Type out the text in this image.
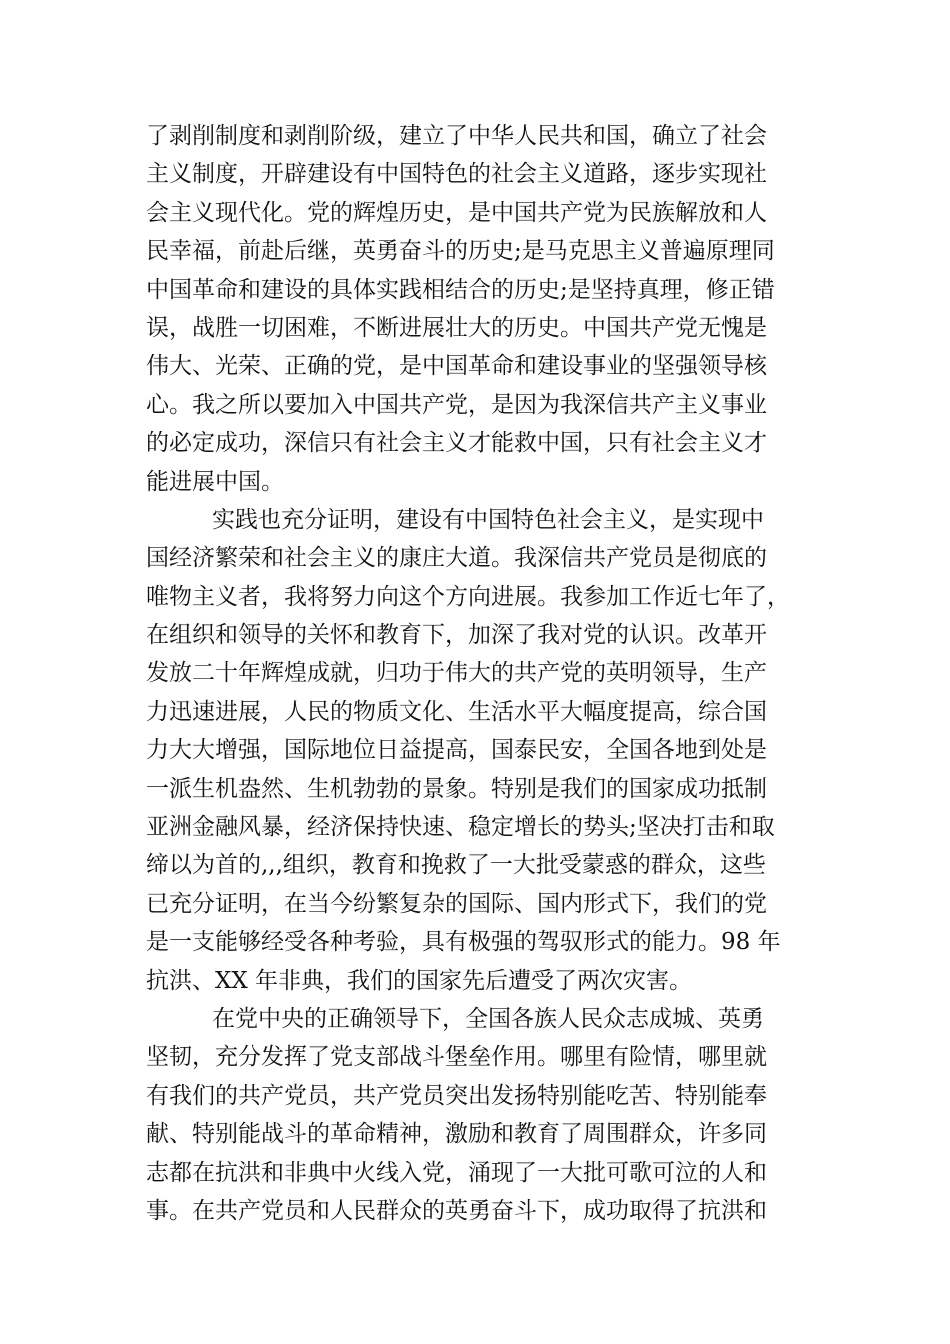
了剥削制度和剥削阶级，建立了中华人民共和国，确立了社会
主义制度，开辟建设有中国特色的社会主义道路，逐步实现社
会主义现代化。党的辉煌历史，是中国共产党为民族解放和人
民幸福，前赴后继，英勇奋斗的历史;是马克思主义普遍原理同
中国革命和建设的具体实践相结合的历史;是坚持真理，修正错
误，战胜一切困难，不断进展壮大的历史。中国共产党无愧是
伟大、光荣、正确的党，是中国革命和建设事业的坚强领导核
心。我之所以要加入中国共产党，是因为我深信共产主义事业
的必定成功，深信只有社会主义才能救中国，只有社会主义才
能进展中国。
实践也充分证明，建设有中国特色社会主义，是实现中
国经济繁荣和社会主义的康庄大道。我深信共产党员是彻底的
唯物主义者，我将努力向这个方向进展。我参加工作近七年了，
在组织和领导的关怀和教育下，加深了我对党的认识。改革开
发放二十年辉煌成就，归功于伟大的共产党的英明领导，生产
力迅速进展，人民的物质文化、生活水平大幅度提高，综合国
力大大增强，国际地位日益提高，国泰民安，全国各地到处是
一派生机盎然、生机勃勃的景象。特别是我们的国家成功抵制
亚洲金融风暴，经济保持快速、稳定增长的势头;坚决打击和取
缔以为首的,,,组织，教育和挽救了一大批受蒙惑的群众，这些
已充分证明，在当今纷繁复杂的国际、国内形式下，我们的党
是一支能够经受各种考验，具有极强的驾驭形式的能力。98 年
抗洪、XX 年非典，我们的国家先后遭受了两次灾害。
在党中央的正确领导下，全国各族人民众志成城、英勇
坚韧，充分发挥了党支部战斗堡垒作用。哪里有险情，哪里就
有我们的共产党员，共产党员突出发扬特别能吃苦、特别能奉
献、特别能战斗的革命精神，激励和教育了周围群众，许多同
志都在抗洪和非典中火线入党，涌现了一大批可歌可泣的人和
事。在共产党员和人民群众的英勇奋斗下，成功取得了抗洪和
